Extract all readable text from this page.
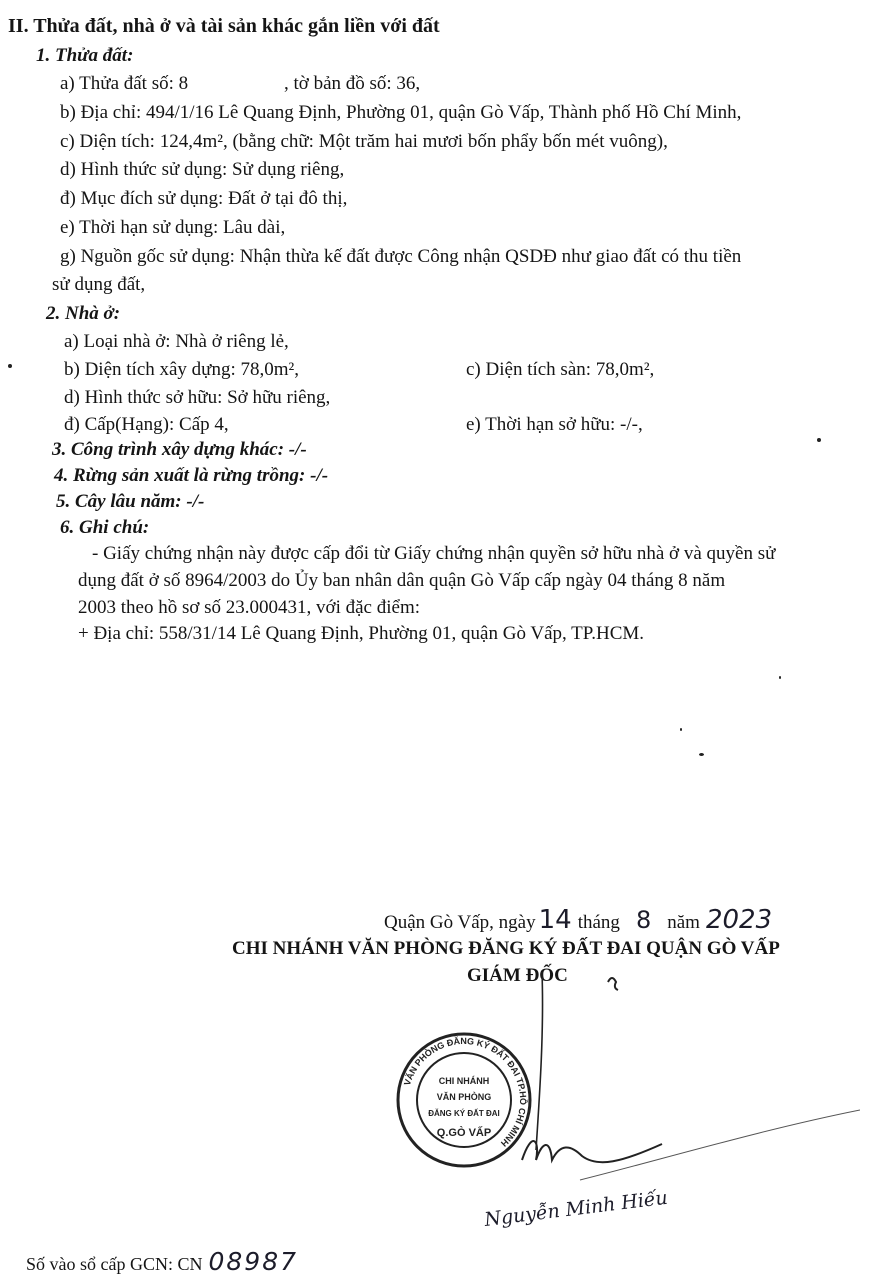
II. Thửa đất, nhà ở và tài sản khác gắn liền với đất
1. Thửa đất:
a) Thửa đất số: 8	, tờ bản đồ số: 36,
b) Địa chỉ: 494/1/16 Lê Quang Định, Phường 01, quận Gò Vấp, Thành phố Hồ Chí Minh,
c) Diện tích: 124,4m², (bằng chữ: Một trăm hai mươi bốn phẩy bốn mét vuông),
d) Hình thức sử dụng: Sử dụng riêng,
đ) Mục đích sử dụng: Đất ở tại đô thị,
e) Thời hạn sử dụng: Lâu dài,
g) Nguồn gốc sử dụng: Nhận thừa kế đất được Công nhận QSDĐ như giao đất có thu tiền
sử dụng đất,
2. Nhà ở:
a) Loại nhà ở: Nhà ở riêng lẻ,
b) Diện tích xây dựng: 78,0m²,	c) Diện tích sàn: 78,0m²,
d) Hình thức sở hữu: Sở hữu riêng,
đ) Cấp(Hạng): Cấp 4,	e) Thời hạn sở hữu: -/-,
3. Công trình xây dựng khác: -/-
4. Rừng sản xuất là rừng trồng: -/-
5. Cây lâu năm: -/-
6. Ghi chú:
- Giấy chứng nhận này được cấp đổi từ Giấy chứng nhận quyền sở hữu nhà ở và quyền sử
dụng đất ở số 8964/2003 do Ủy ban nhân dân quận Gò Vấp cấp ngày 04 tháng 8 năm
2003 theo hồ sơ số 23.000431, với đặc điểm:
+ Địa chỉ: 558/31/14 Lê Quang Định, Phường 01, quận Gò Vấp, TP.HCM.
Quận Gò Vấp, ngày 14 tháng 8 năm 2023
CHI NHÁNH VĂN PHÒNG ĐĂNG KÝ ĐẤT ĐAI QUẬN GÒ VẤP
GIÁM ĐỐC
VĂN PHÒNG ĐĂNG KÝ ĐẤT ĐAI TP.HỒ CHÍ MINH
CHI NHÁNH
VĂN PHÒNG
ĐĂNG KÝ ĐẤT ĐAI
Q.GÒ VẤP
Nguyễn Minh Hiếu
Số vào sổ cấp GCN: CN 08987
